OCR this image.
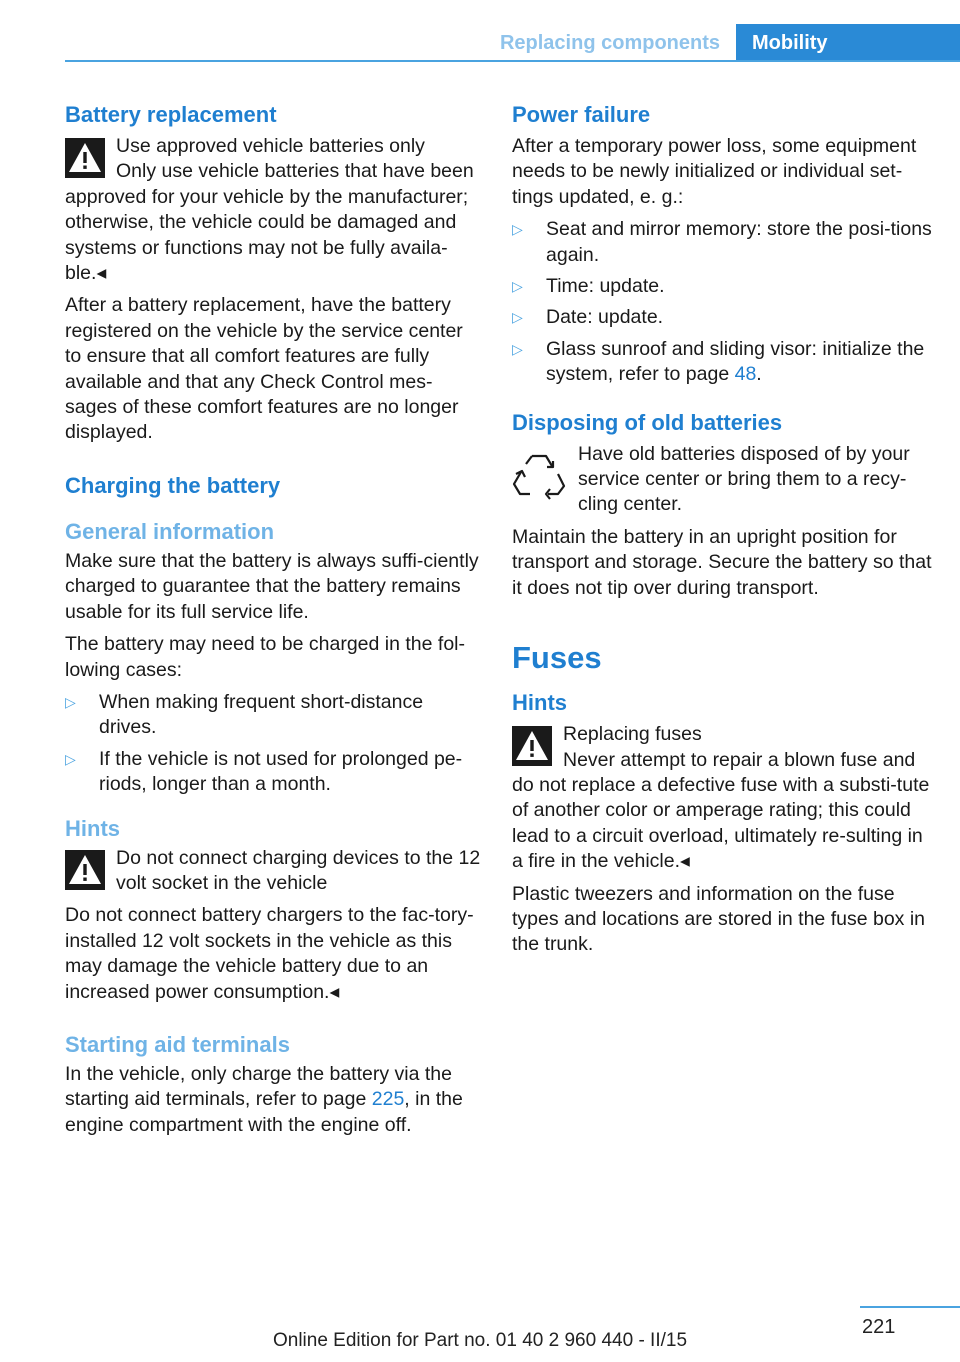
Replacing components	Mobility
Battery replacement
Use approved vehicle batteries only
Only use vehicle batteries that have been

approved for your vehicle by the manufacturer; otherwise, the vehicle could be damaged and systems or functions may not be fully availa-ble.◂

After a battery replacement, have the battery registered on the vehicle by the service center to ensure that all comfort features are fully available and that any Check Control mes-sages of these comfort features are no longer displayed.

Charging the battery
General information

Make sure that the battery is always suffi-ciently charged to guarantee that the battery remains usable for its full service life.

The battery may need to be charged in the fol-lowing cases:

▷ When making frequent short-distance drives.
▷ If the vehicle is not used for prolonged pe-riods, longer than a month.
Hints

Do not connect charging devices to the 12 volt socket in the vehicle

Do not connect battery chargers to the fac-tory-installed 12 volt sockets in the vehicle as this may damage the vehicle battery due to an increased power consumption.◂

Starting aid terminals

In the vehicle, only charge the battery via the starting aid terminals, refer to page 225, in the engine compartment with the engine off.

Power failure

After a temporary power loss, some equipment needs to be newly initialized or individual set-tings updated, e. g.:

▷ Seat and mirror memory: store the posi-tions again.
▷ Time: update.
▷ Date: update.
▷ Glass sunroof and sliding visor: initialize the system, refer to page 48.
Disposing of old batteries

Have old batteries disposed of by your service center or bring them to a recy-cling center.

Maintain the battery in an upright position for transport and storage. Secure the battery so that it does not tip over during transport.

Fuses
Hints
Replacing fuses
Never attempt to repair a blown fuse and

do not replace a defective fuse with a substi-tute of another color or amperage rating; this could lead to a circuit overload, ultimately re-sulting in a fire in the vehicle.◂

Plastic tweezers and information on the fuse types and locations are stored in the fuse box in the trunk.

221
Online Edition for Part no. 01 40 2 960 440 - II/15
